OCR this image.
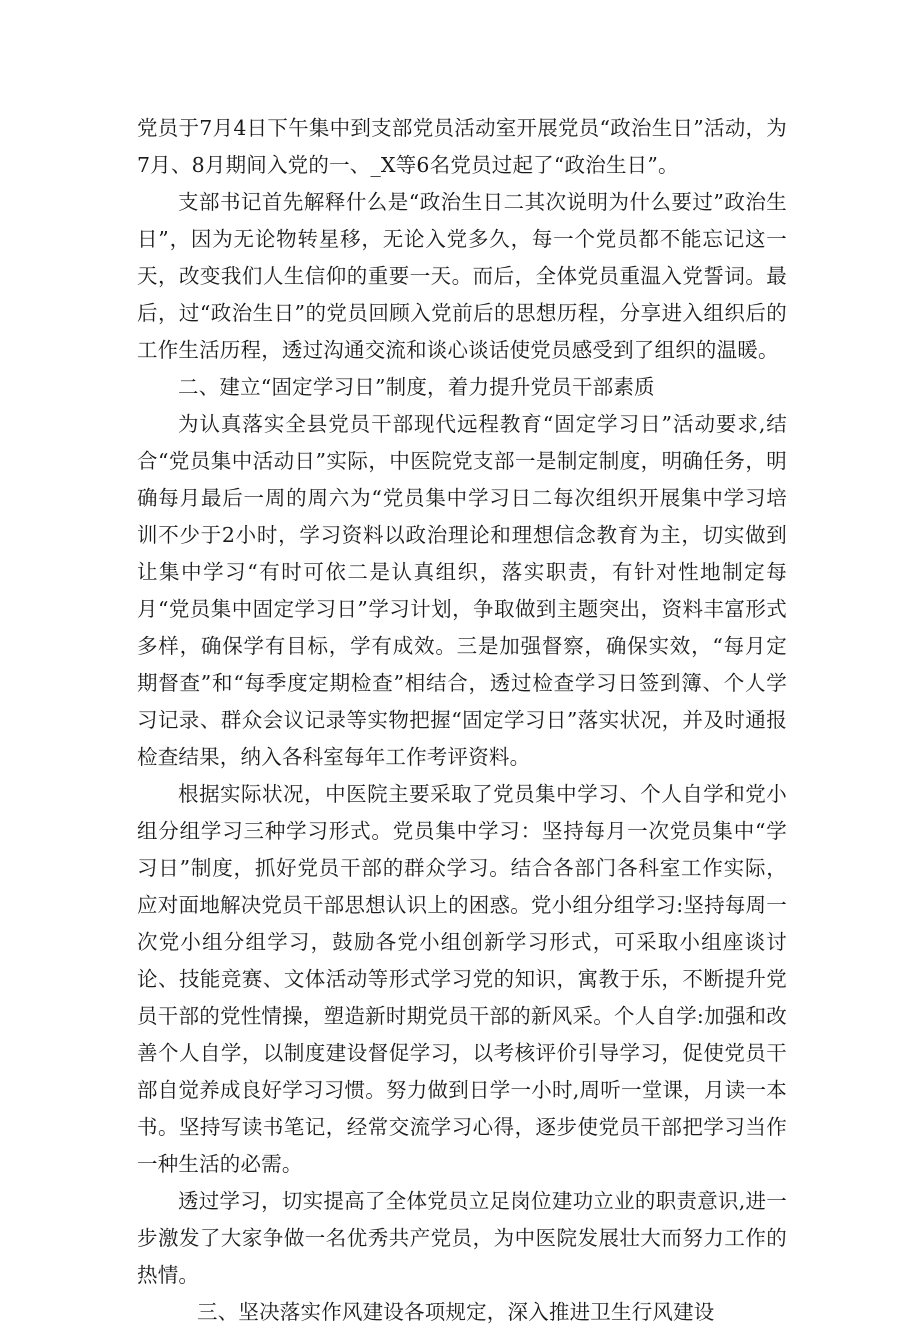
党员于7月4日下午集中到支部党员活动室开展党员“政治生日”活动，为7月、8月期间入党的一、_X等6名党员过起了“政治生日”。

支部书记首先解释什么是“政治生日二其次说明为什么要过”政治生日”，因为无论物转星移，无论入党多久，每一个党员都不能忘记这一天，改变我们人生信仰的重要一天。而后，全体党员重温入党誓词。最后，过“政治生日”的党员回顾入党前后的思想历程，分享进入组织后的工作生活历程，透过沟通交流和谈心谈话使党员感受到了组织的温暖。

二、建立“固定学习日”制度，着力提升党员干部素质

为认真落实全县党员干部现代远程教育“固定学习日”活动要求,结合“党员集中活动日”实际，中医院党支部一是制定制度，明确任务，明确每月最后一周的周六为“党员集中学习日二每次组织开展集中学习培训不少于2小时，学习资料以政治理论和理想信念教育为主，切实做到让集中学习“有时可依二是认真组织，落实职责，有针对性地制定每月“党员集中固定学习日”学习计划，争取做到主题突出，资料丰富形式多样，确保学有目标，学有成效。三是加强督察，确保实效，“每月定期督查”和“每季度定期检查”相结合，透过检查学习日签到簿、个人学习记录、群众会议记录等实物把握“固定学习日”落实状况，并及时通报检查结果，纳入各科室每年工作考评资料。

根据实际状况，中医院主要采取了党员集中学习、个人自学和党小组分组学习三种学习形式。党员集中学习：坚持每月一次党员集中“学习日”制度，抓好党员干部的群众学习。结合各部门各科室工作实际，应对面地解决党员干部思想认识上的困惑。党小组分组学习:坚持每周一次党小组分组学习，鼓励各党小组创新学习形式，可采取小组座谈讨论、技能竞赛、文体活动等形式学习党的知识，寓教于乐，不断提升党员干部的党性情操，塑造新时期党员干部的新风采。个人自学:加强和改善个人自学，以制度建设督促学习，以考核评价引导学习，促使党员干部自觉养成良好学习习惯。努力做到日学一小时,周听一堂课，月读一本书。坚持写读书笔记，经常交流学习心得，逐步使党员干部把学习当作一种生活的必需。

透过学习，切实提高了全体党员立足岗位建功立业的职责意识,进一步激发了大家争做一名优秀共产党员，为中医院发展壮大而努力工作的热情。

三、坚决落实作风建设各项规定，深入推进卫生行风建设
